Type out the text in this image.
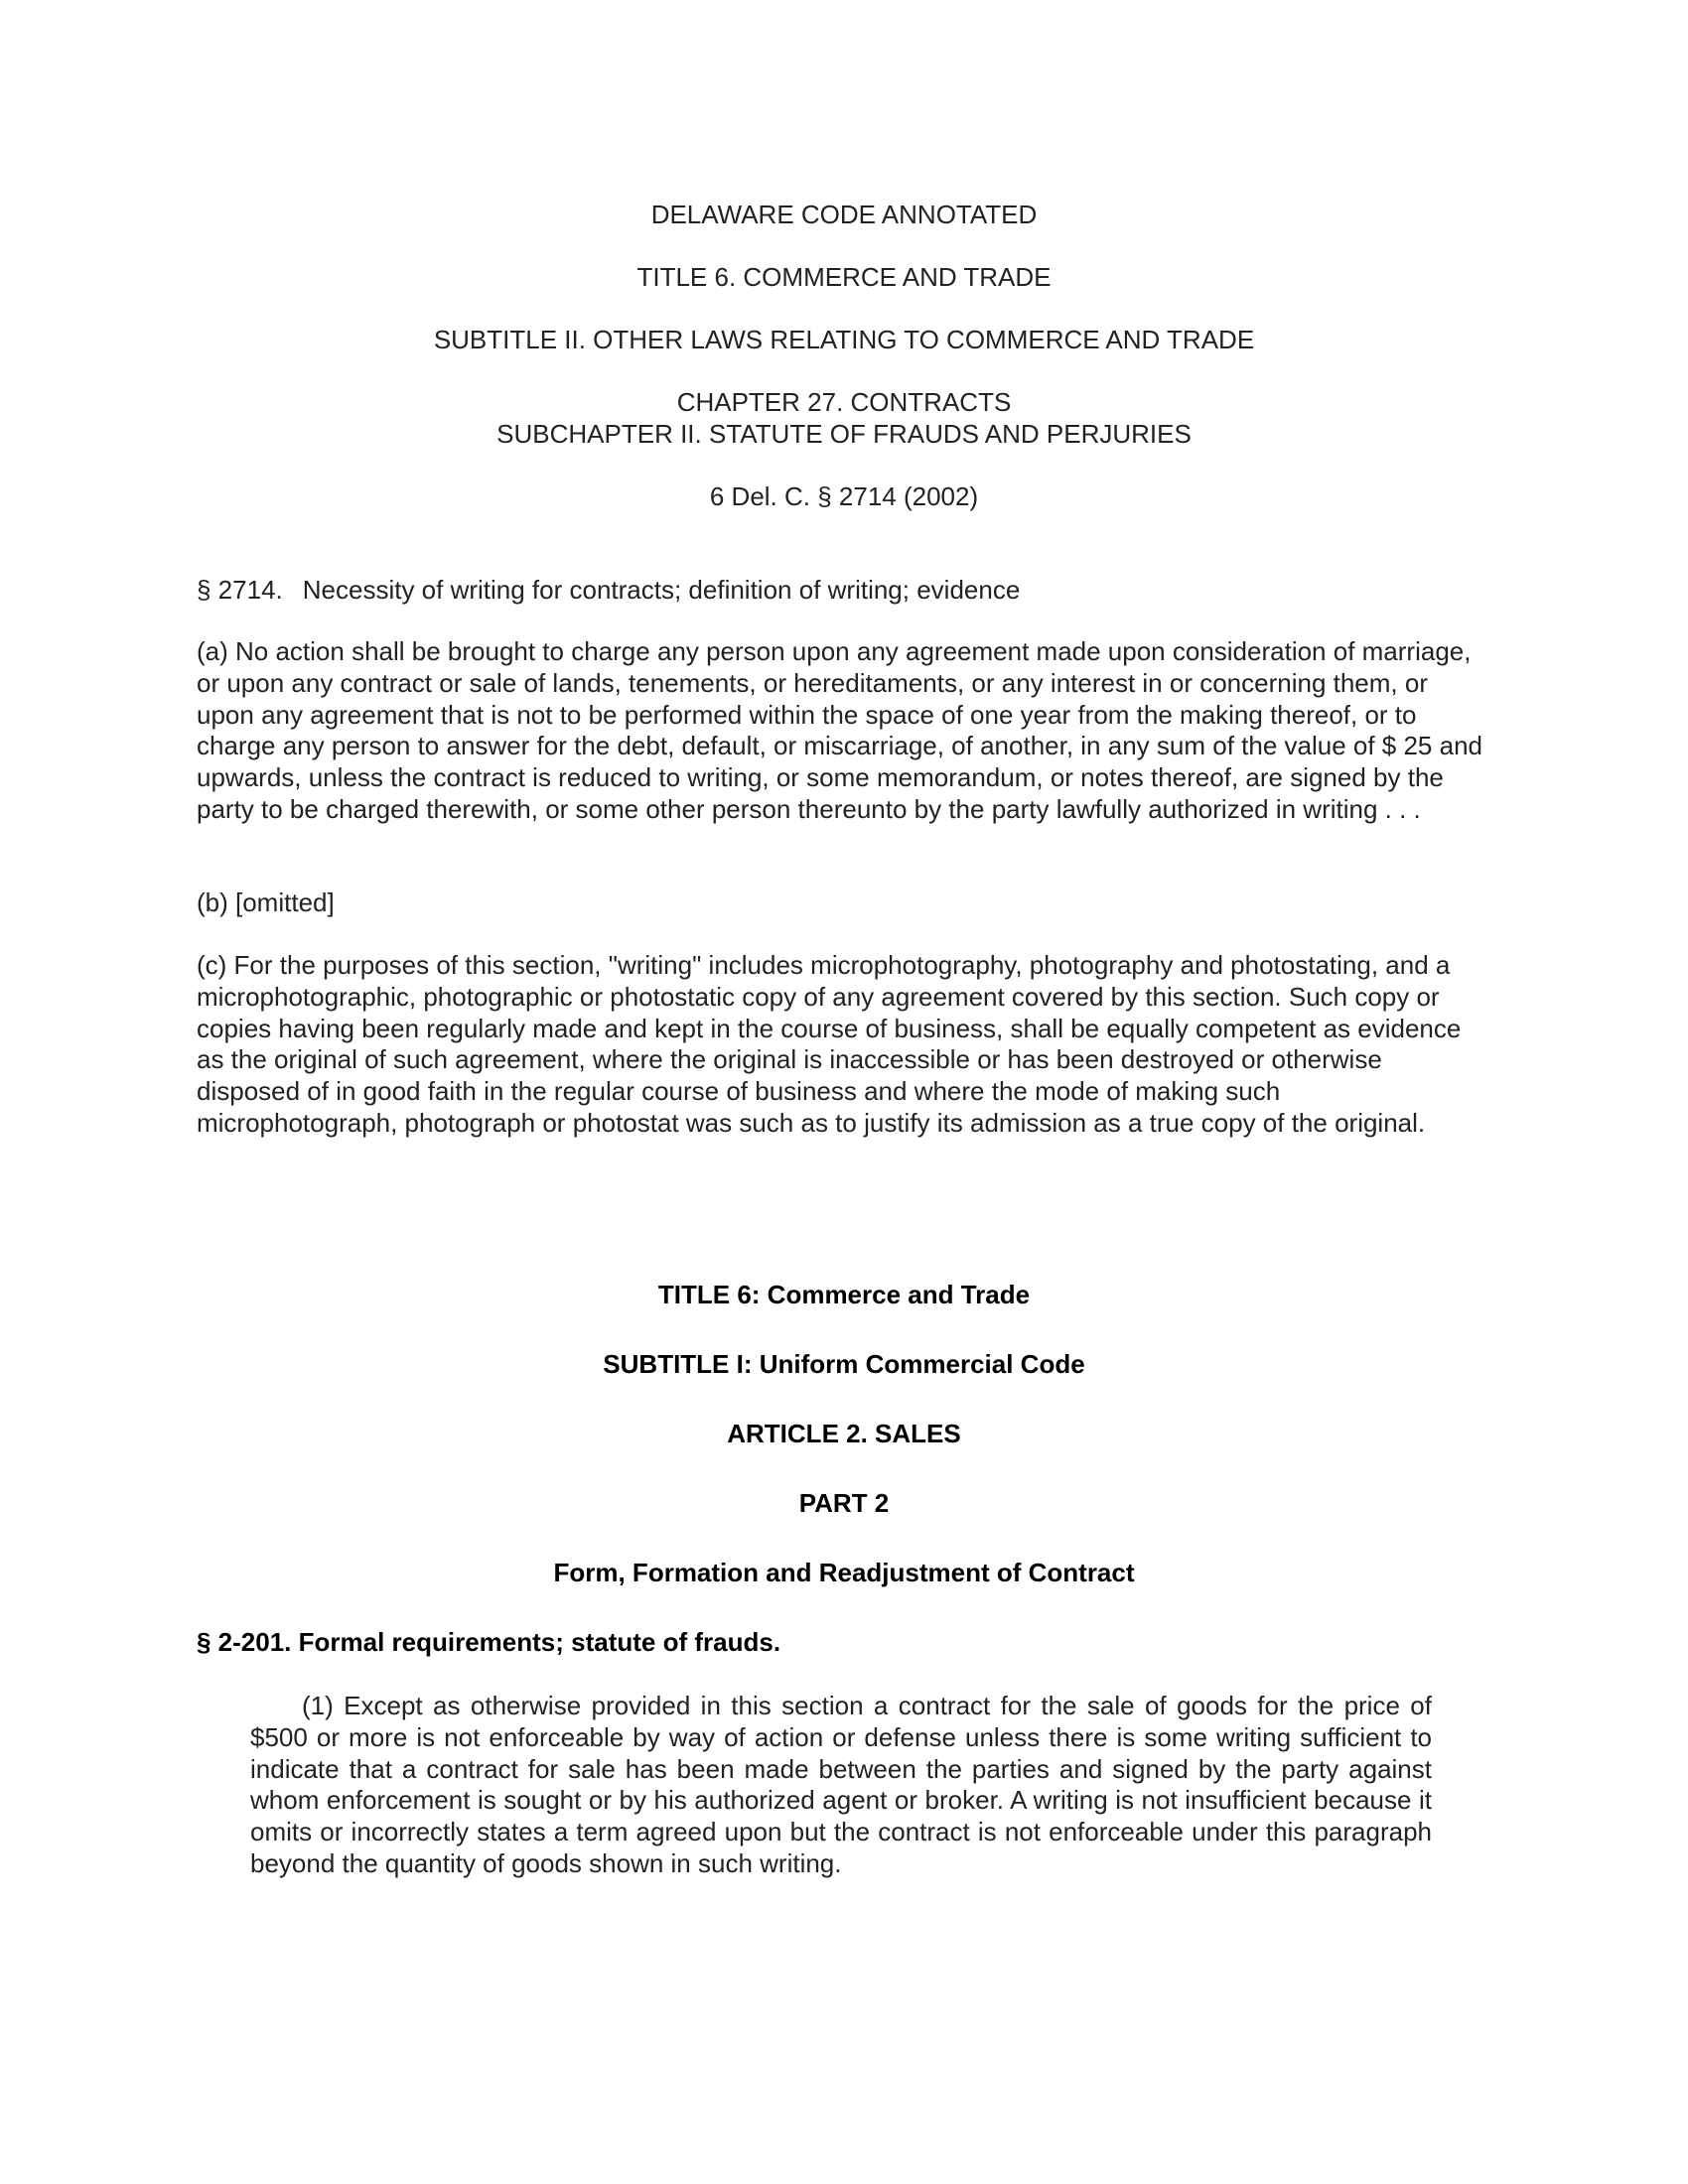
DELAWARE CODE ANNOTATED

TITLE 6. COMMERCE AND TRADE

SUBTITLE II. OTHER LAWS RELATING TO COMMERCE AND TRADE

CHAPTER 27. CONTRACTS

SUBCHAPTER II. STATUTE OF FRAUDS AND PERJURIES

6 Del. C. § 2714 (2002)

§ 2714. Necessity of writing for contracts; definition of writing; evidence

(a) No action shall be brought to charge any person upon any agreement made upon consideration of marriage, or upon any contract or sale of lands, tenements, or hereditaments, or any interest in or concerning them, or upon any agreement that is not to be performed within the space of one year from the making thereof, or to charge any person to answer for the debt, default, or miscarriage, of another, in any sum of the value of $ 25 and upwards, unless the contract is reduced to writing, or some memorandum, or notes thereof, are signed by the party to be charged therewith, or some other person thereunto by the party lawfully authorized in writing . . .

(b) [omitted]

(c) For the purposes of this section, "writing" includes microphotography, photography and photostating, and a microphotographic, photographic or photostatic copy of any agreement covered by this section. Such copy or copies having been regularly made and kept in the course of business, shall be equally competent as evidence as the original of such agreement, where the original is inaccessible or has been destroyed or otherwise disposed of in good faith in the regular course of business and where the mode of making such microphotograph, photograph or photostat was such as to justify its admission as a true copy of the original.

TITLE 6: Commerce and Trade

SUBTITLE I: Uniform Commercial Code

ARTICLE 2. SALES

PART 2

Form, Formation and Readjustment of Contract

§ 2-201. Formal requirements; statute of frauds.

(1) Except as otherwise provided in this section a contract for the sale of goods for the price of $500 or more is not enforceable by way of action or defense unless there is some writing sufficient to indicate that a contract for sale has been made between the parties and signed by the party against whom enforcement is sought or by his authorized agent or broker. A writing is not insufficient because it omits or incorrectly states a term agreed upon but the contract is not enforceable under this paragraph beyond the quantity of goods shown in such writing.
